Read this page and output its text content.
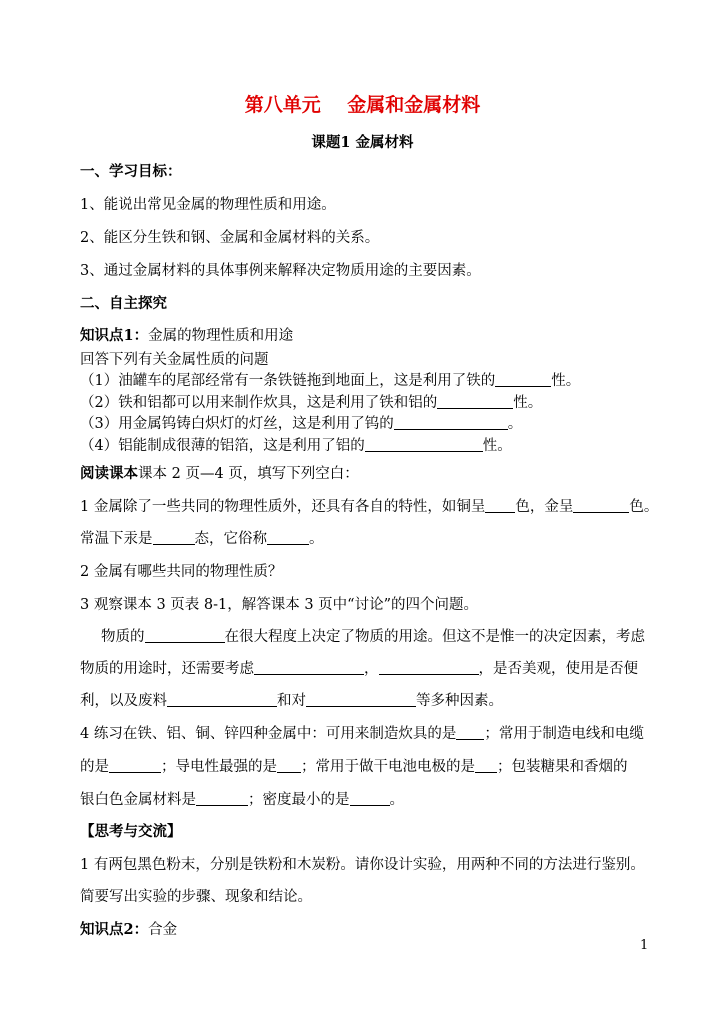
第八单元    金属和金属材料
课题1 金属材料
一、学习目标：
1、能说出常见金属的物理性质和用途。
2、能区分生铁和钢、金属和金属材料的关系。
3、通过金属材料的具体事例来解释决定物质用途的主要因素。
二、自主探究
知识点1：金属的物理性质和用途
回答下列有关金属性质的问题
（1）油罐车的尾部经常有一条铁链拖到地面上，这是利用了铁的	性。
（2）铁和铝都可以用来制作炊具，这是利用了铁和铝的	性。
（3）用金属钨铸白炽灯的灯丝，这是利用了钨的	。
（4）铝能制成很薄的铝箔，这是利用了铝的	性。
阅读课本课本 2 页—4 页，填写下列空白：
1 金属除了一些共同的物理性质外，还具有各自的特性，如铜呈 色，金呈	色。
常温下汞是	态，它俗称	。
2 金属有哪些共同的物理性质？
3 观察课本 3 页表 8-1，解答课本 3 页中“讨论”的四个问题。
物质的	在很大程度上决定了物质的用途。但这不是惟一的决定因素，考虑
物质的用途时，还需要考虑	，	，是否美观，使用是否便
利，以及废料	和对	等多种因素。
4 练习在铁、铝、铜、锌四种金属中：可用来制造炊具的是 ；常用于制造电线和电缆
的是	；导电性最强的是 ；常用于做干电池电极的是 ；包装糖果和香烟的
银白色金属材料是	；密度最小的是	。
【思考与交流】
1 有两包黑色粉末，分别是铁粉和木炭粉。请你设计实验，用两种不同的方法进行鉴别。
简要写出实验的步骤、现象和结论。
知识点2：合金
1
